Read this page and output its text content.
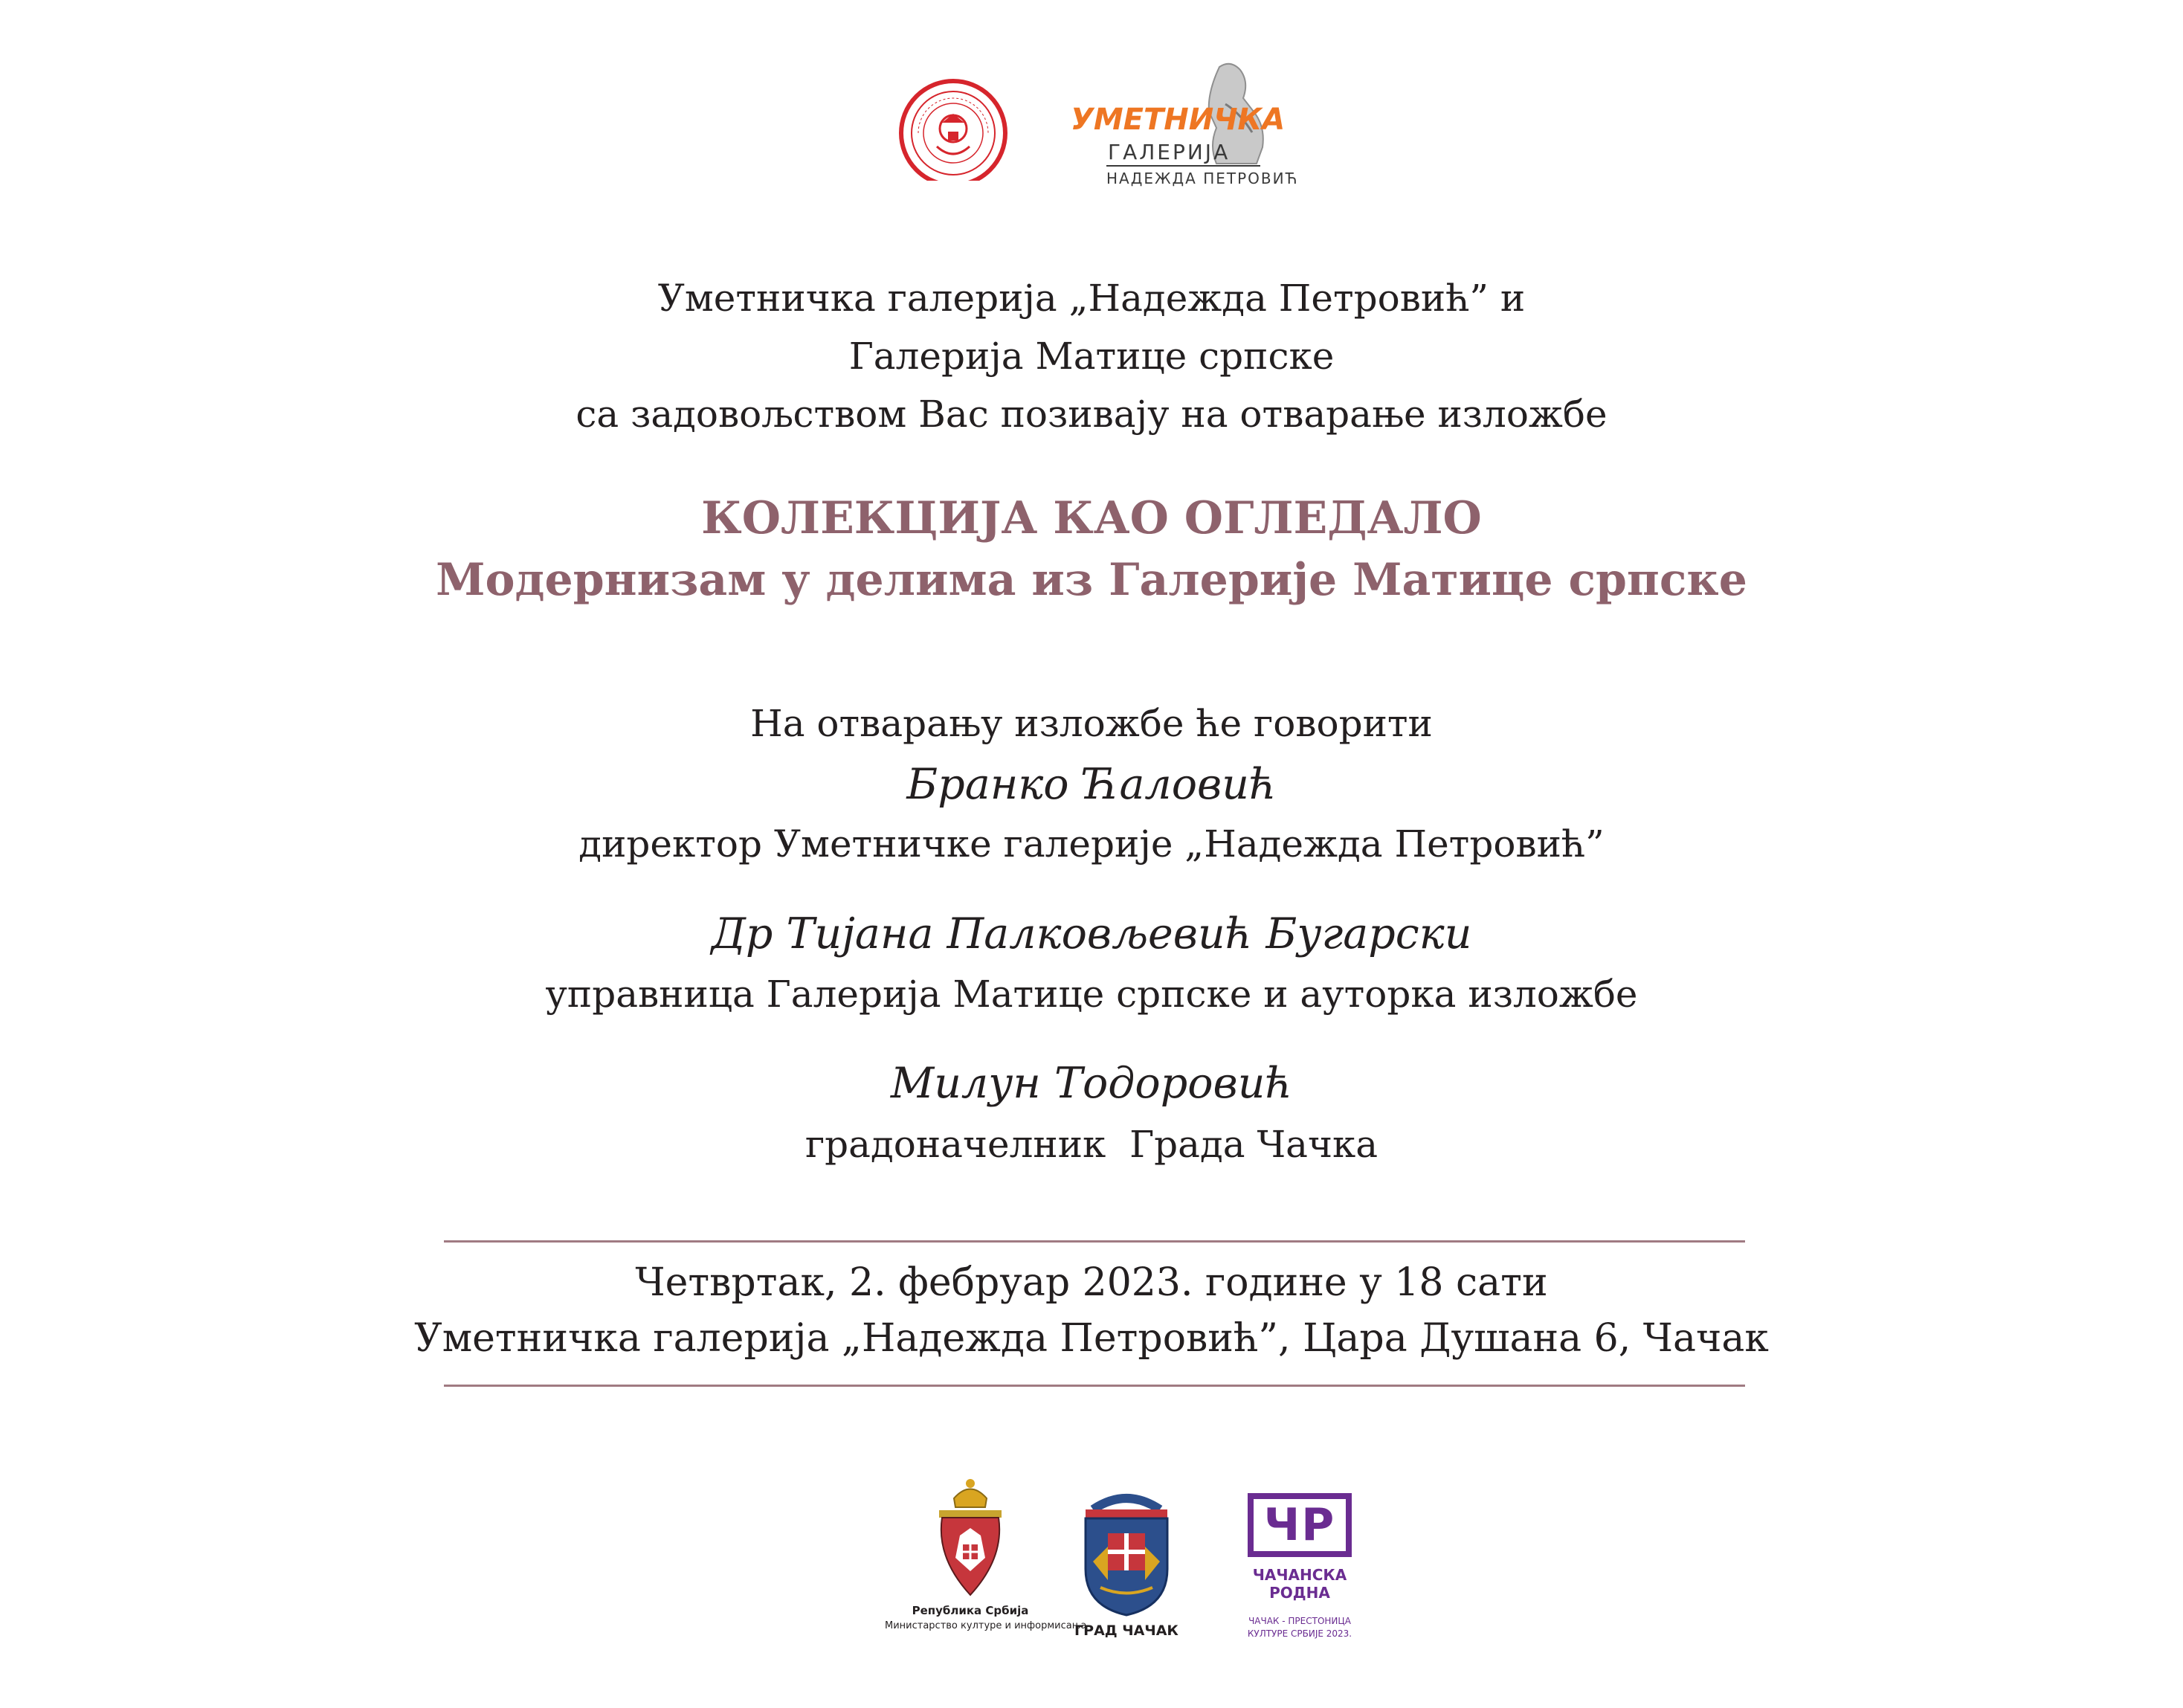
УМЕТНИЧКА
ГАЛЕРИЈА
НАДЕЖДА ПЕТРОВИЋ
Уметничка галерија „Надежда Петровић” и
Галерија Матице српске
са задовољством Вас позивају на отварање изложбе
КОЛЕКЦИЈА КАО ОГЛЕДАЛО
Модернизам у делима из Галерије Матице српске
На отварању изложбе ће говорити
Бранко Ћаловић
директор Уметничке галерије „Надежда Петровић”
Др Тијана Палковљевић Бугарски
управница Галерија Матице српске и ауторка изложбе
Милун Тодоровић
градоначелник  Града Чачка
Четвртак, 2. фебруар 2023. године у 18 сати
Уметничка галерија „Надежда Петровић”, Цара Душана 6, Чачак
Република Србија
Министарство културе и информисања
ГРАД ЧАЧАК
ЧР
ЧАЧАНСКА
РОДНА
ЧАЧАК - ПРЕСТОНИЦА
КУЛТУРЕ СРБИЈЕ 2023.
